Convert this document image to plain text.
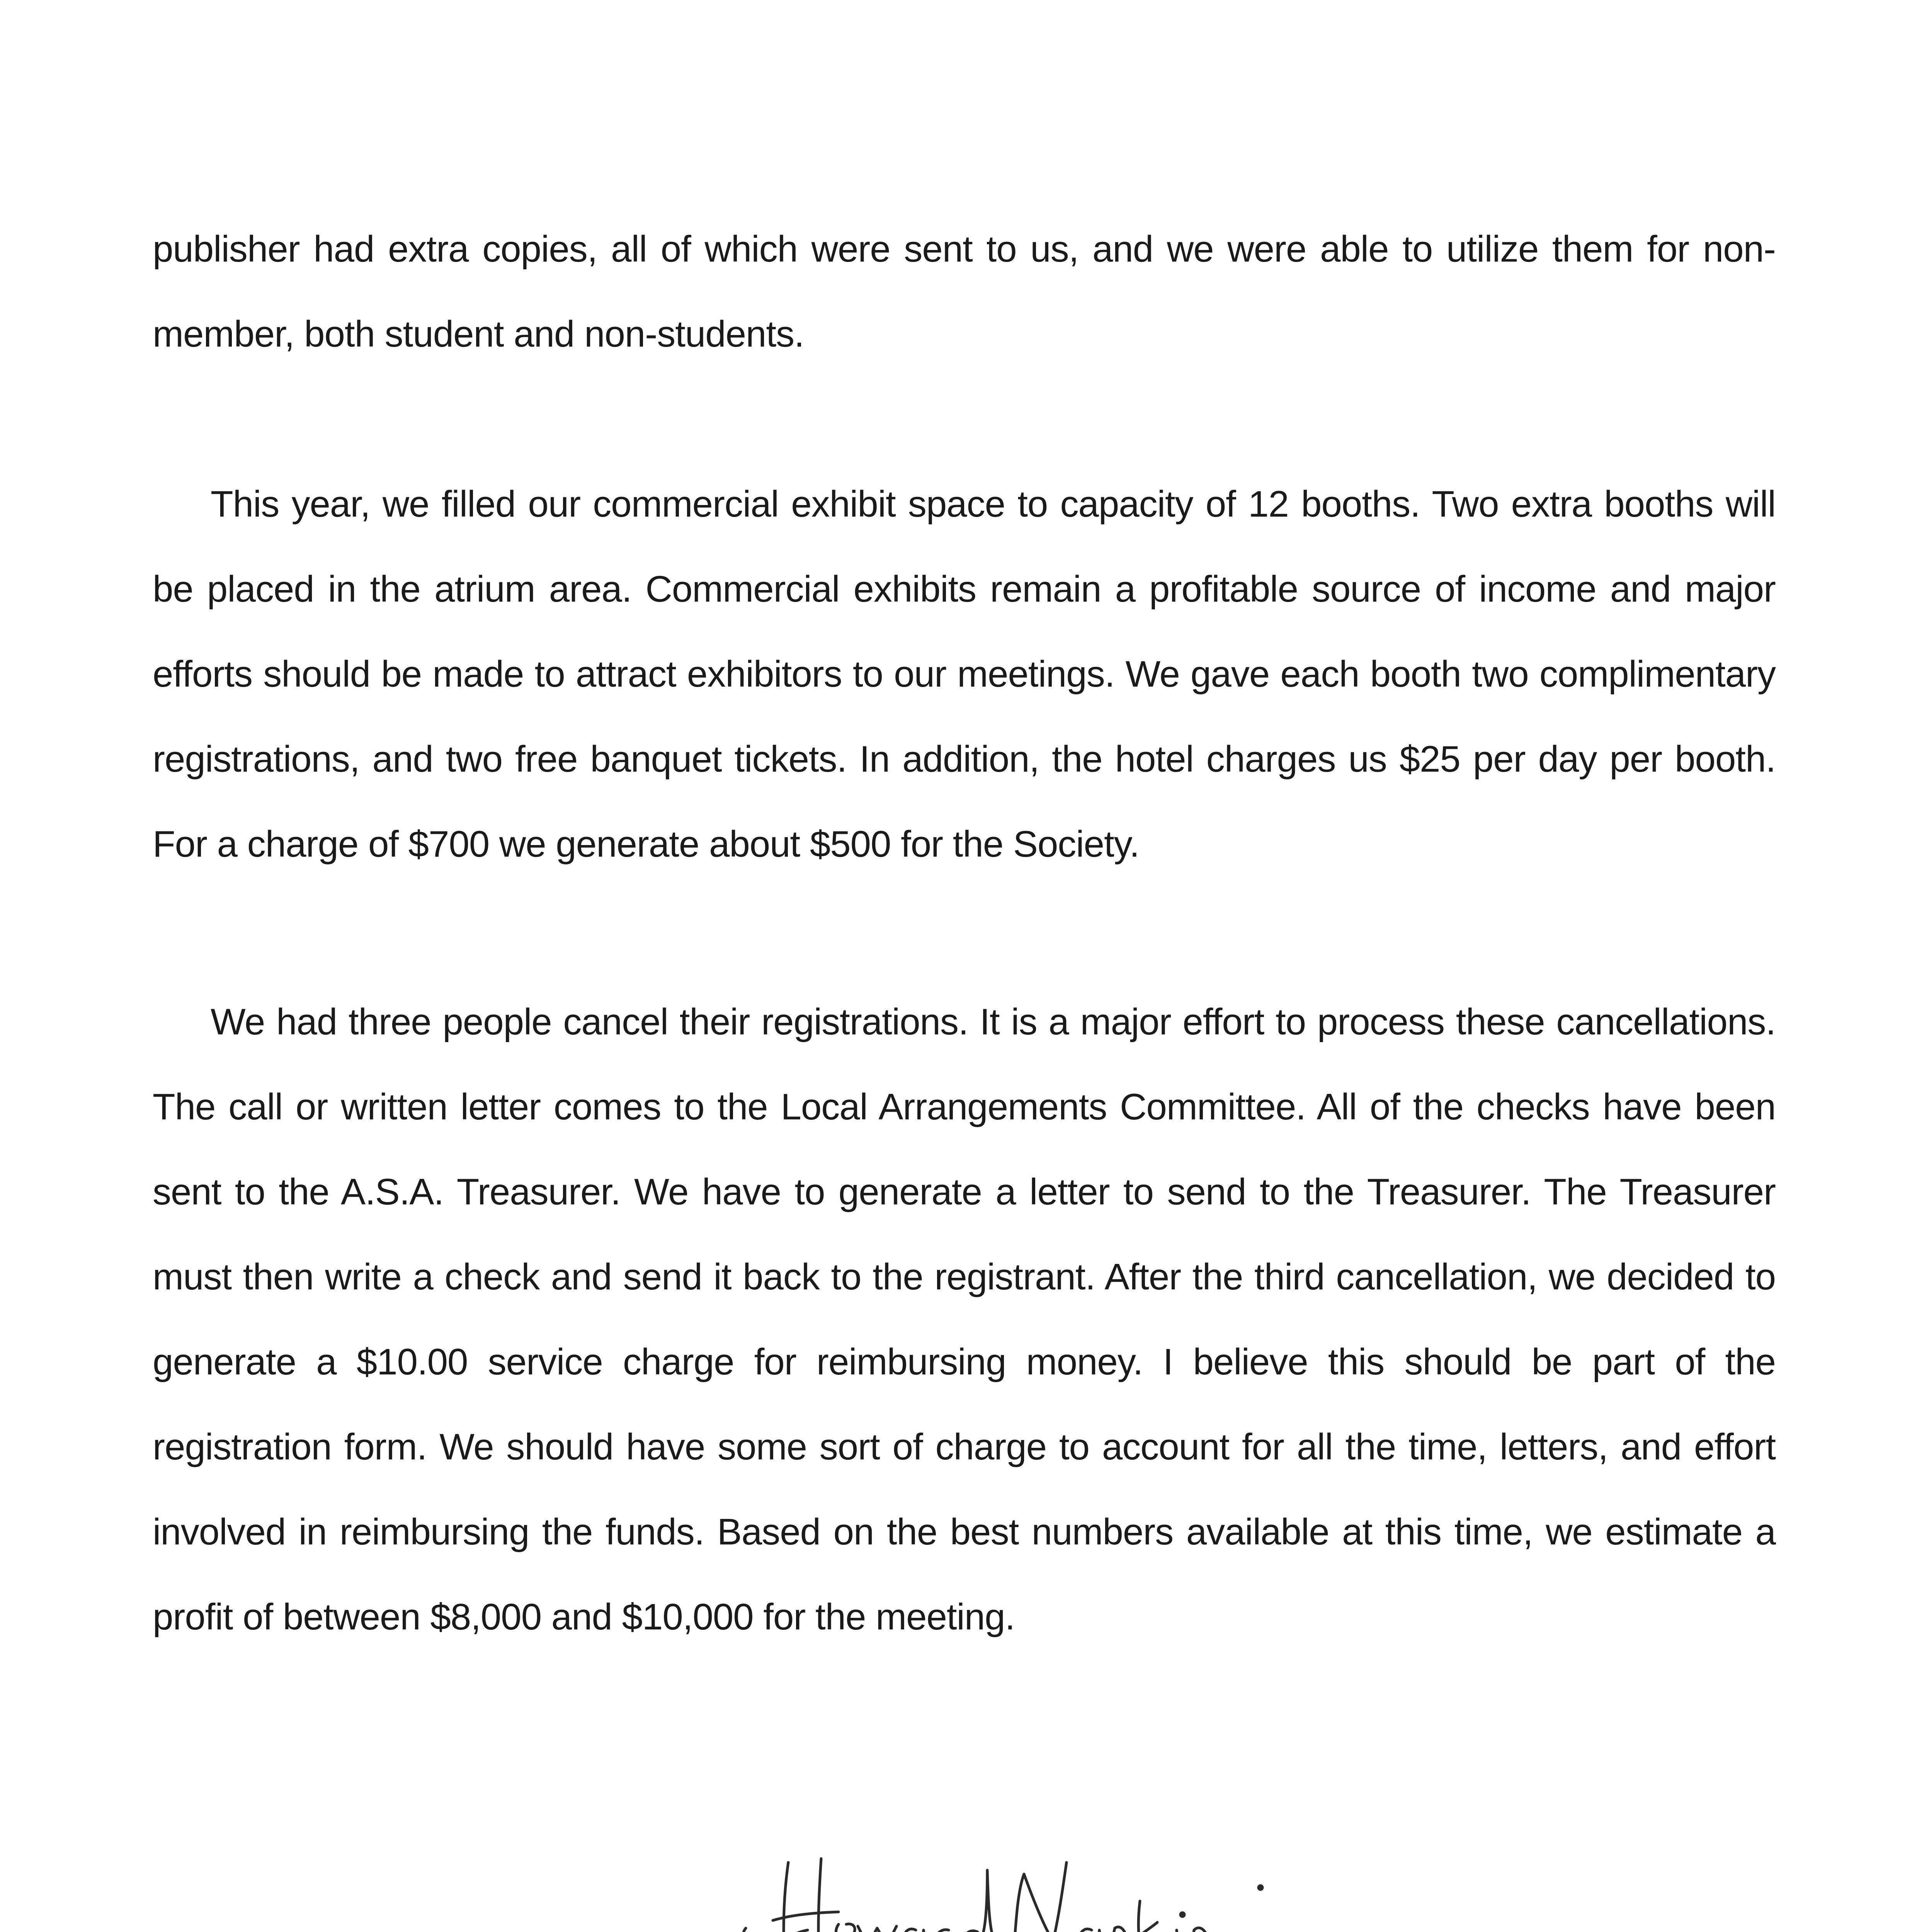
publisher had extra copies, all of which were sent to us, and we were able to utilize them for non-member, both student and non-students.

This year, we filled our commercial exhibit space to capacity of 12 booths. Two extra booths will be placed in the atrium area. Commercial exhibits remain a profitable source of income and major efforts should be made to attract exhibitors to our meetings. We gave each booth two complimentary registrations, and two free banquet tickets. In addition, the hotel charges us $25 per day per booth. For a charge of $700 we generate about $500 for the Society.

We had three people cancel their registrations. It is a major effort to process these cancellations. The call or written letter comes to the Local Arrangements Committee. All of the checks have been sent to the A.S.A. Treasurer. We have to generate a letter to send to the Treasurer. The Treasurer must then write a check and send it back to the registrant. After the third cancellation, we decided to generate a $10.00 service charge for reimbursing money. I believe this should be part of the registration form. We should have some sort of charge to account for all the time, letters, and effort involved in reimbursing the funds. Based on the best numbers available at this time, we estimate a profit of between $8,000 and $10,000 for the meeting.
